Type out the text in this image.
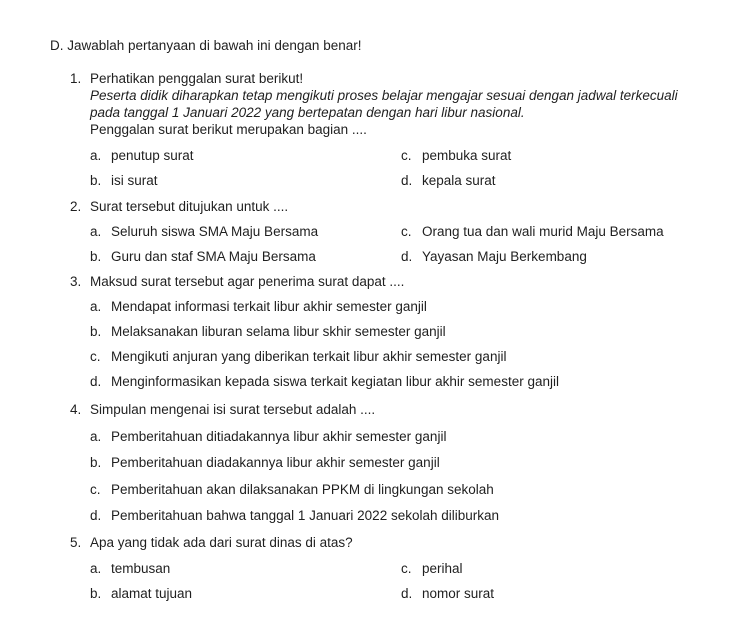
D. Jawablah pertanyaan di bawah ini dengan benar!
1. Perhatikan penggalan surat berikut!
Peserta didik diharapkan tetap mengikuti proses belajar mengajar sesuai dengan jadwal terkecuali
pada tanggal 1 Januari 2022 yang bertepatan dengan hari libur nasional.
Penggalan surat berikut merupakan bagian ....
a. penutup surat
b. isi surat
c. pembuka surat
d. kepala surat
2. Surat tersebut ditujukan untuk ....
a. Seluruh siswa SMA Maju Bersama
b. Guru dan staf SMA Maju Bersama
c. Orang tua dan wali murid Maju Bersama
d. Yayasan Maju Berkembang
3. Maksud surat tersebut agar penerima surat dapat ....
a. Mendapat informasi terkait libur akhir semester ganjil
b. Melaksanakan liburan selama libur skhir semester ganjil
c. Mengikuti anjuran yang diberikan terkait libur akhir semester ganjil
d. Menginformasikan kepada siswa terkait kegiatan libur akhir semester ganjil
4. Simpulan mengenai isi surat tersebut adalah ....
a. Pemberitahuan ditiadakannya libur akhir semester ganjil
b. Pemberitahuan diadakannya libur akhir semester ganjil
c. Pemberitahuan akan dilaksanakan PPKM di lingkungan sekolah
d. Pemberitahuan bahwa tanggal 1 Januari 2022 sekolah diliburkan
5. Apa yang tidak ada dari surat dinas di atas?
a. tembusan
b. alamat tujuan
c. perihal
d. nomor surat
